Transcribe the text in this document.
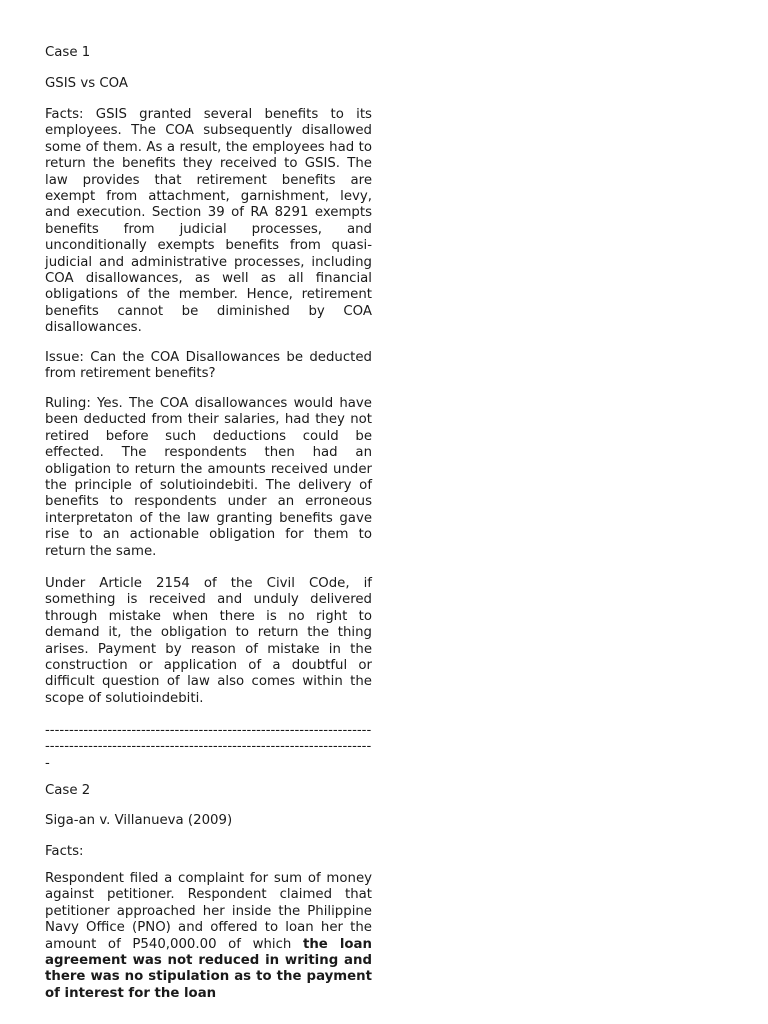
Case 1

GSIS vs COA

Facts: GSIS granted several benefits to its employees. The COA subsequently disallowed some of them. As a result, the employees had to return the benefits they received to GSIS. The law provides that retirement benefits are exempt from attachment, garnishment, levy, and execution. Section 39 of RA 8291 exempts benefits from judicial processes, and unconditionally exempts benefits from quasi-judicial and administrative processes, including COA disallowances, as well as all financial obligations of the member. Hence, retirement benefits cannot be diminished by COA disallowances.

Issue: Can the COA Disallowances be deducted from retirement benefits?

Ruling: Yes. The COA disallowances would have been deducted from their salaries, had they not retired before such deductions could be effected. The respondents then had an obligation to return the amounts received under the principle of solutioindebiti. The delivery of benefits to respondents under an erroneous interpretaton of the law granting benefits gave rise to an actionable obligation for them to return the same.

Under Article 2154 of the Civil COde, if something is received and unduly delivered through mistake when there is no right to demand it, the obligation to return the thing arises. Payment by reason of mistake in the construction or application of a doubtful or difficult question of law also comes within the scope of solutioindebiti.

-----------------------------------------------------------------------------------------------------------------------------------------

Case 2

Siga-an v. Villanueva (2009)

Facts:

Respondent filed a complaint for sum of money against petitioner. Respondent claimed that petitioner approached her inside the Philippine Navy Office (PNO) and offered to loan her the amount of P540,000.00 of which the loan agreement was not reduced in writing and there was no stipulation as to the payment of interest for the loan
